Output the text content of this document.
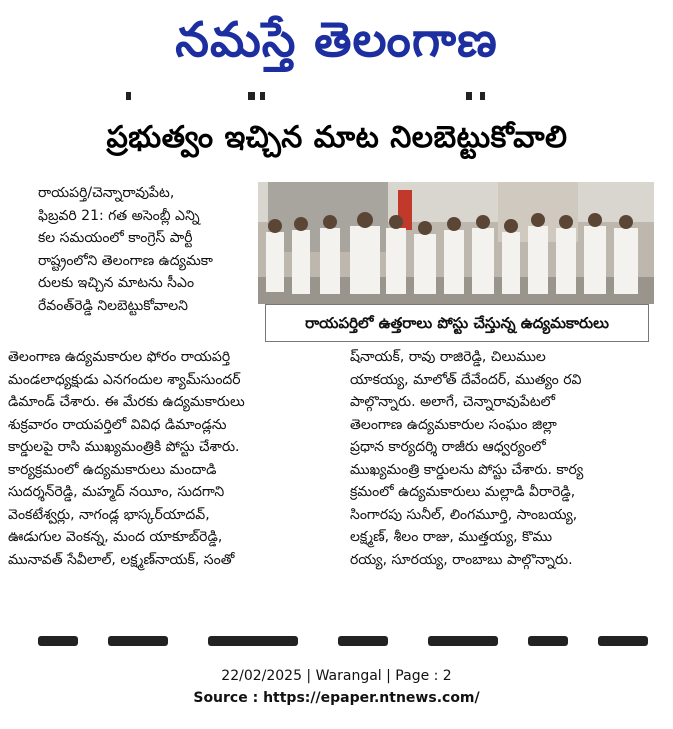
నమస్తే తెలంగాణ
ప్రభుత్వం ఇచ్చిన మాట నిలబెట్టుకోవాలి

రాయపర్తి/చెన్నారావుపేట,

ఫిబ్రవరి 21: గత అసెంబ్లీ ఎన్ని

కల సమయంలో కాంగ్రెస్ పార్టీ

రాష్ట్రంలోని తెలంగాణ ఉద్యమకా

రులకు ఇచ్చిన మాటను సీఎం

రేవంత్‌రెడ్డి నిలబెట్టుకోవాలని

రాయపర్తిలో ఉత్తరాలు పోస్టు చేస్తున్న ఉద్యమకారులు

తెలంగాణ ఉద్యమకారుల ఫోరం రాయపర్తి

మండలాధ్యక్షుడు ఎనగందుల శ్యామ్‌సుందర్

డిమాండ్ చేశారు. ఈ మేరకు ఉద్యమకారులు

శుక్రవారం రాయపర్తిలో వివిధ డిమాండ్లను

కార్డులపై రాసి ముఖ్యమంత్రికి పోస్టు చేశారు.

కార్యక్రమంలో ఉద్యమకారులు మందాడి

సుదర్శన్‌రెడ్డి, మహ్మద్ నయీం, సుదగాని

వెంకటేశ్వర్లు, నాగండ్ల భాస్కర్‌యాదవ్,

ఊడుగుల వెంకన్న, మంద యాకూబ్‌రెడ్డి,

మునావత్ సేవీలాల్, లక్ష్మణ్‌నాయక్, సంతో

ష్‌నాయక్, రావు రాజిరెడ్డి, చిలుముల

యాకయ్య, మాలోత్ దేవేందర్, ముత్యం రవి

పాల్గొన్నారు. అలాగే, చెన్నారావుపేటలో

తెలంగాణ ఉద్యమకారుల సంఘం జిల్లా

ప్రధాన కార్యదర్శి రాజీరు ఆధ్వర్యంలో

ముఖ్యమంత్రి కార్డులను పోస్టు చేశారు. కార్య

క్రమంలో ఉద్యమకారులు మల్లాడి వీరారెడ్డి,

సింగారపు సునీల్, లింగమూర్తి, సాంబయ్య,

లక్ష్మణ్, శీలం రాజు, ముత్తయ్య, కొము

రయ్య, సూరయ్య, రాంబాబు పాల్గొన్నారు.

22/02/2025 | Warangal | Page : 2
Source : https://epaper.ntnews.com/
